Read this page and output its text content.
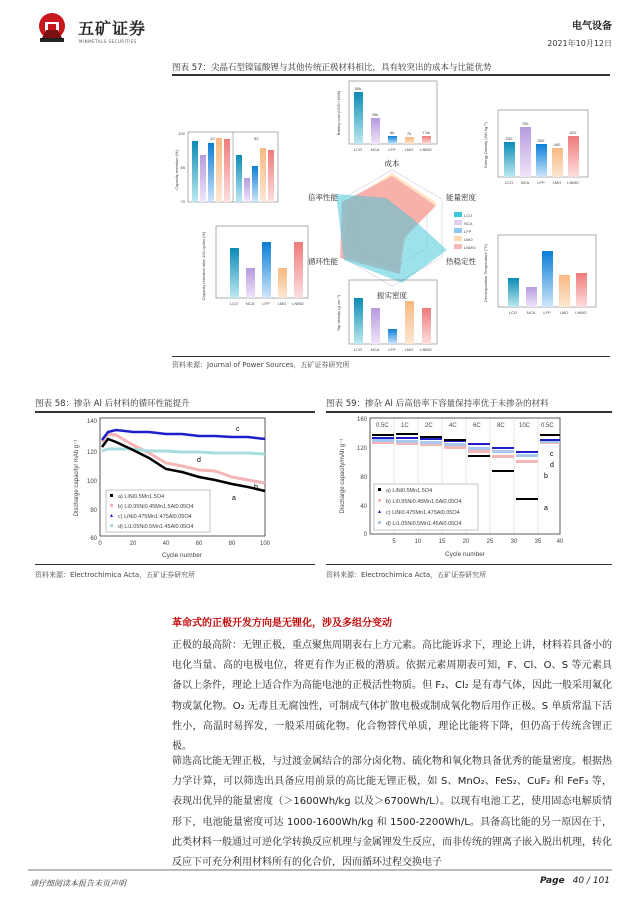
五矿证券
MINMETALS SECURITIES
电气设备
2021年10月12日
图表 57：尖晶石型镍锰酸锂与其他传统正极材料相比，具有较突出的成本与比能优势
Capacity retention (%)
100
85
70
1C	5C
Battery cost (USD / kWh)
50k
25k
8k	7k	7.5k
LCO NCA LFP LMO LNMO
成本
能量密度
热稳定性
振实密度
循环性能
倍率性能
LCO
NCA
LFP
LMO
LNMO
Energy Density (Wh kg⁻¹)	530
750
500
440
620
LCO NCA LFP LMO LNMO
Capacity retention after 100 cycles (%)
LCO NCA LFP LMO LNMO	Tap density (g cm⁻³)
LCO NCA LFP LMO LNMO
Decomposition Temperature (°C)
LCO NCA LFP LMO LNMO
资料来源：Journal of Power Sources，五矿证券研究所
图表 58：掺杂 Al 后材料的循环性能提升
140
120
100
80
60
0	20	40	60	80	100
Cycle number
Discharge capacity/ mAh g⁻¹	a
b
c
d
a) LiNi0.5Mn1.5O4
b) Li0.95Ni0.45Mn1.5Al0.05O4
c) LiNi0.475Mn1.475Al0.05O4
d) Li1.05Ni0.5Mn1.45Al0.05O4
资料来源：Electrochimica Acta，五矿证券研究所
图表 59：掺杂 Al 后高倍率下容量保持率优于未掺杂的材料
0.5C 1C	2C	4C	6C	8C 10C 0.5C
160
120
80
40
0
5	10	15	20	25	30	35	40
Cycle number
Discharge capacity/mAh g⁻¹	a
b
c
d
a) LiNi0.5Mn1.5O4
b) Li0.95Ni0.45Mn1.5Al0.05O4
c) LiNi0.475Mn1.475Al0.05O4
d) Li1.05Ni0.5Mn1.45Al0.05O4
资料来源：Electrochimica Acta，五矿证券研究所
革命式的正极开发方向是无锂化，涉及多组分变动
正极的最高阶：无锂正极，重点聚焦周期表右上方元素。高比能诉求下，理论上讲，材料若具备小的电化当量、高的电极电位，将更有作为正极的潜质。依据元素周期表可知，F、Cl、O、S 等元素具备以上条件，理论上适合作为高能电池的正极活性物质。但 F₂、Cl₂ 是有毒气体，因此一般采用氟化物或氯化物。O₂ 无毒且无腐蚀性，可制成气体扩散电极或制成氧化物后用作正极。S 单质常温下活性小，高温时易挥发，一般采用硫化物。化合物替代单质，理论比能将下降，但仍高于传统含锂正极。
筛选高比能无锂正极，与过渡金属结合的部分卤化物、硫化物和氧化物具备优秀的能量密度。根据热力学计算，可以筛选出具备应用前景的高比能无锂正极，如 S、MnO₂、FeS₂、CuF₂ 和 FeF₃ 等，表现出优异的能量密度（＞1600Wh/kg 以及＞6700Wh/L）。以现有电池工艺，使用固态电解质情形下，电池能量密度可达 1000-1600Wh/kg 和 1500-2200Wh/L。具备高比能的另一原因在于，此类材料一般通过可逆化学转换反应机理与金属锂发生反应，而非传统的锂离子嵌入脱出机理，转化反应下可充分利用材料所有的化合价，因而循环过程交换电子
请仔细阅读本报告末页声明	Page 40 / 101
